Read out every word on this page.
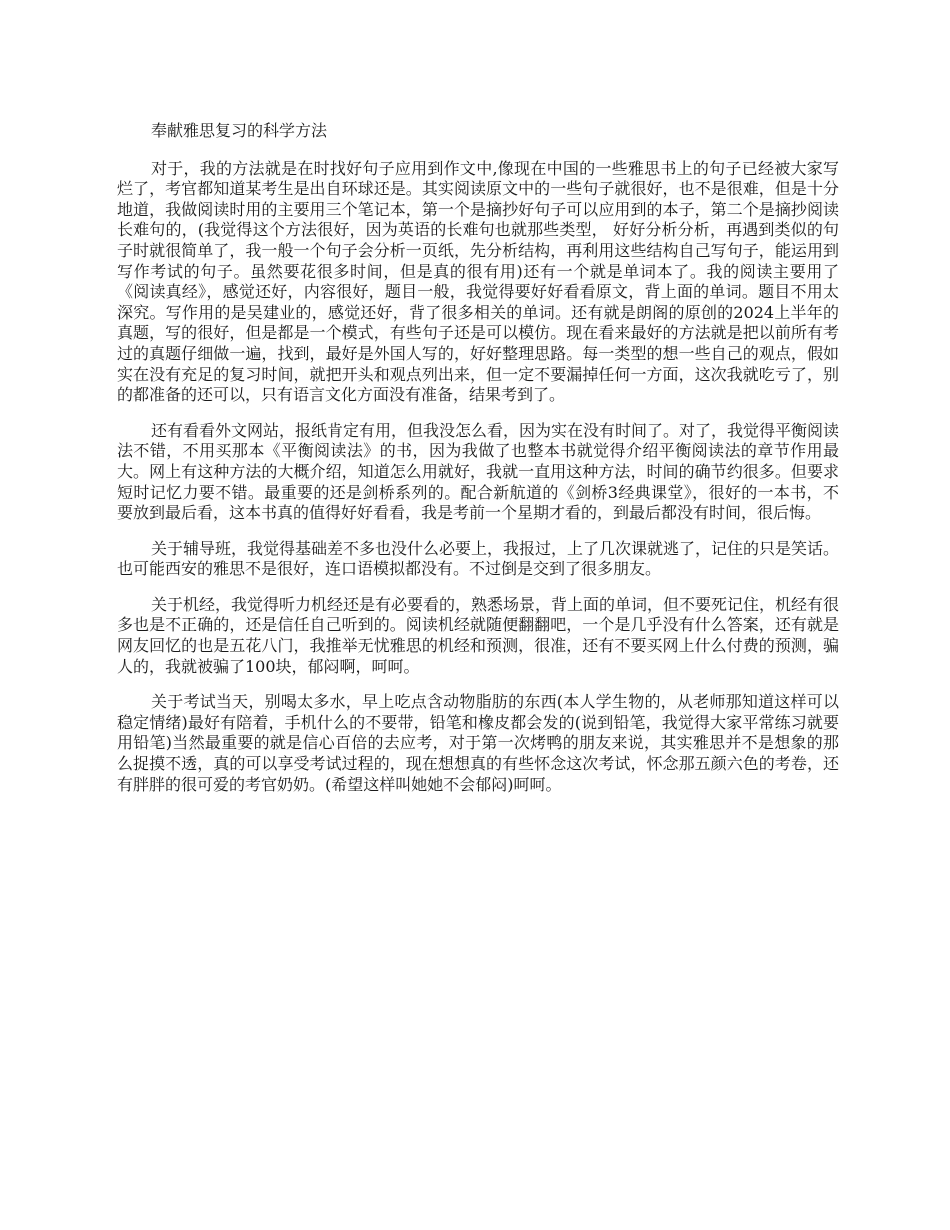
奉献雅思复习的科学方法

对于，我的方法就是在时找好句子应用到作文中,像现在中国的一些雅思书上的句子已经被大家写烂了，考官都知道某考生是出自环球还是。其实阅读原文中的一些句子就很好，也不是很难，但是十分地道，我做阅读时用的主要用三个笔记本，第一个是摘抄好句子可以应用到的本子，第二个是摘抄阅读长难句的，(我觉得这个方法很好，因为英语的长难句也就那些类型， 好好分析分析，再遇到类似的句子时就很简单了，我一般一个句子会分析一页纸，先分析结构，再利用这些结构自己写句子，能运用到写作考试的句子。虽然要花很多时间，但是真的很有用)还有一个就是单词本了。我的阅读主要用了《阅读真经》，感觉还好，内容很好，题目一般，我觉得要好好看看原文，背上面的单词。题目不用太深究。写作用的是吴建业的，感觉还好，背了很多相关的单词。还有就是朗阁的原创的2024上半年的真题，写的很好，但是都是一个模式，有些句子还是可以模仿。现在看来最好的方法就是把以前所有考过的真题仔细做一遍，找到，最好是外国人写的，好好整理思路。每一类型的想一些自己的观点，假如实在没有充足的复习时间，就把开头和观点列出来，但一定不要漏掉任何一方面，这次我就吃亏了，别的都准备的还可以，只有语言文化方面没有准备，结果考到了。

还有看看外文网站，报纸肯定有用，但我没怎么看，因为实在没有时间了。对了，我觉得平衡阅读法不错，不用买那本《平衡阅读法》的书，因为我做了也整本书就觉得介绍平衡阅读法的章节作用最大。网上有这种方法的大概介绍，知道怎么用就好，我就一直用这种方法，时间的确节约很多。但要求短时记忆力要不错。最重要的还是剑桥系列的。配合新航道的《剑桥3经典课堂》，很好的一本书，不要放到最后看，这本书真的值得好好看看，我是考前一个星期才看的，到最后都没有时间，很后悔。

关于辅导班，我觉得基础差不多也没什么必要上，我报过，上了几次课就逃了，记住的只是笑话。也可能西安的雅思不是很好，连口语模拟都没有。不过倒是交到了很多朋友。

关于机经，我觉得听力机经还是有必要看的，熟悉场景，背上面的单词，但不要死记住，机经有很多也是不正确的，还是信任自己听到的。阅读机经就随便翻翻吧，一个是几乎没有什么答案，还有就是网友回忆的也是五花八门，我推举无忧雅思的机经和预测，很准，还有不要买网上什么付费的预测，骗人的，我就被骗了100块，郁闷啊，呵呵。

关于考试当天，别喝太多水，早上吃点含动物脂肪的东西(本人学生物的，从老师那知道这样可以稳定情绪)最好有陪着，手机什么的不要带，铅笔和橡皮都会发的(说到铅笔，我觉得大家平常练习就要用铅笔)当然最重要的就是信心百倍的去应考，对于第一次烤鸭的朋友来说，其实雅思并不是想象的那么捉摸不透，真的可以享受考试过程的，现在想想真的有些怀念这次考试，怀念那五颜六色的考卷，还有胖胖的很可爱的考官奶奶。(希望这样叫她她不会郁闷)呵呵。
